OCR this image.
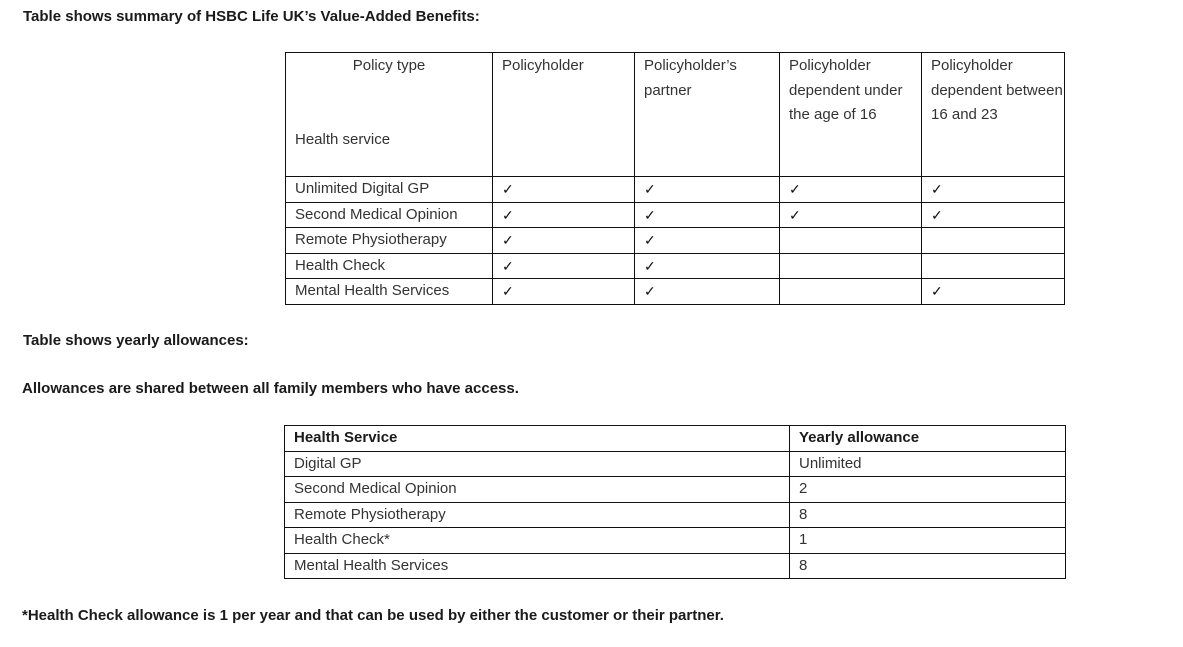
Table shows summary of HSBC Life UK’s Value-Added Benefits:
Policy type
Health service	Policyholder	Policyholder’s partner	Policyholder dependent under the age of 16	Policyholder dependent between 16 and 23
Unlimited Digital GP	✓	✓	✓	✓
Second Medical Opinion	✓	✓	✓	✓
Remote Physiotherapy	✓	✓		
Health Check	✓	✓		
Mental Health Services	✓	✓		✓
Table shows yearly allowances:
Allowances are shared between all family members who have access.
Health Service	Yearly allowance
Digital GP	Unlimited
Second Medical Opinion	2
Remote Physiotherapy	8
Health Check*	1
Mental Health Services	8
*Health Check allowance is 1 per year and that can be used by either the customer or their partner.
